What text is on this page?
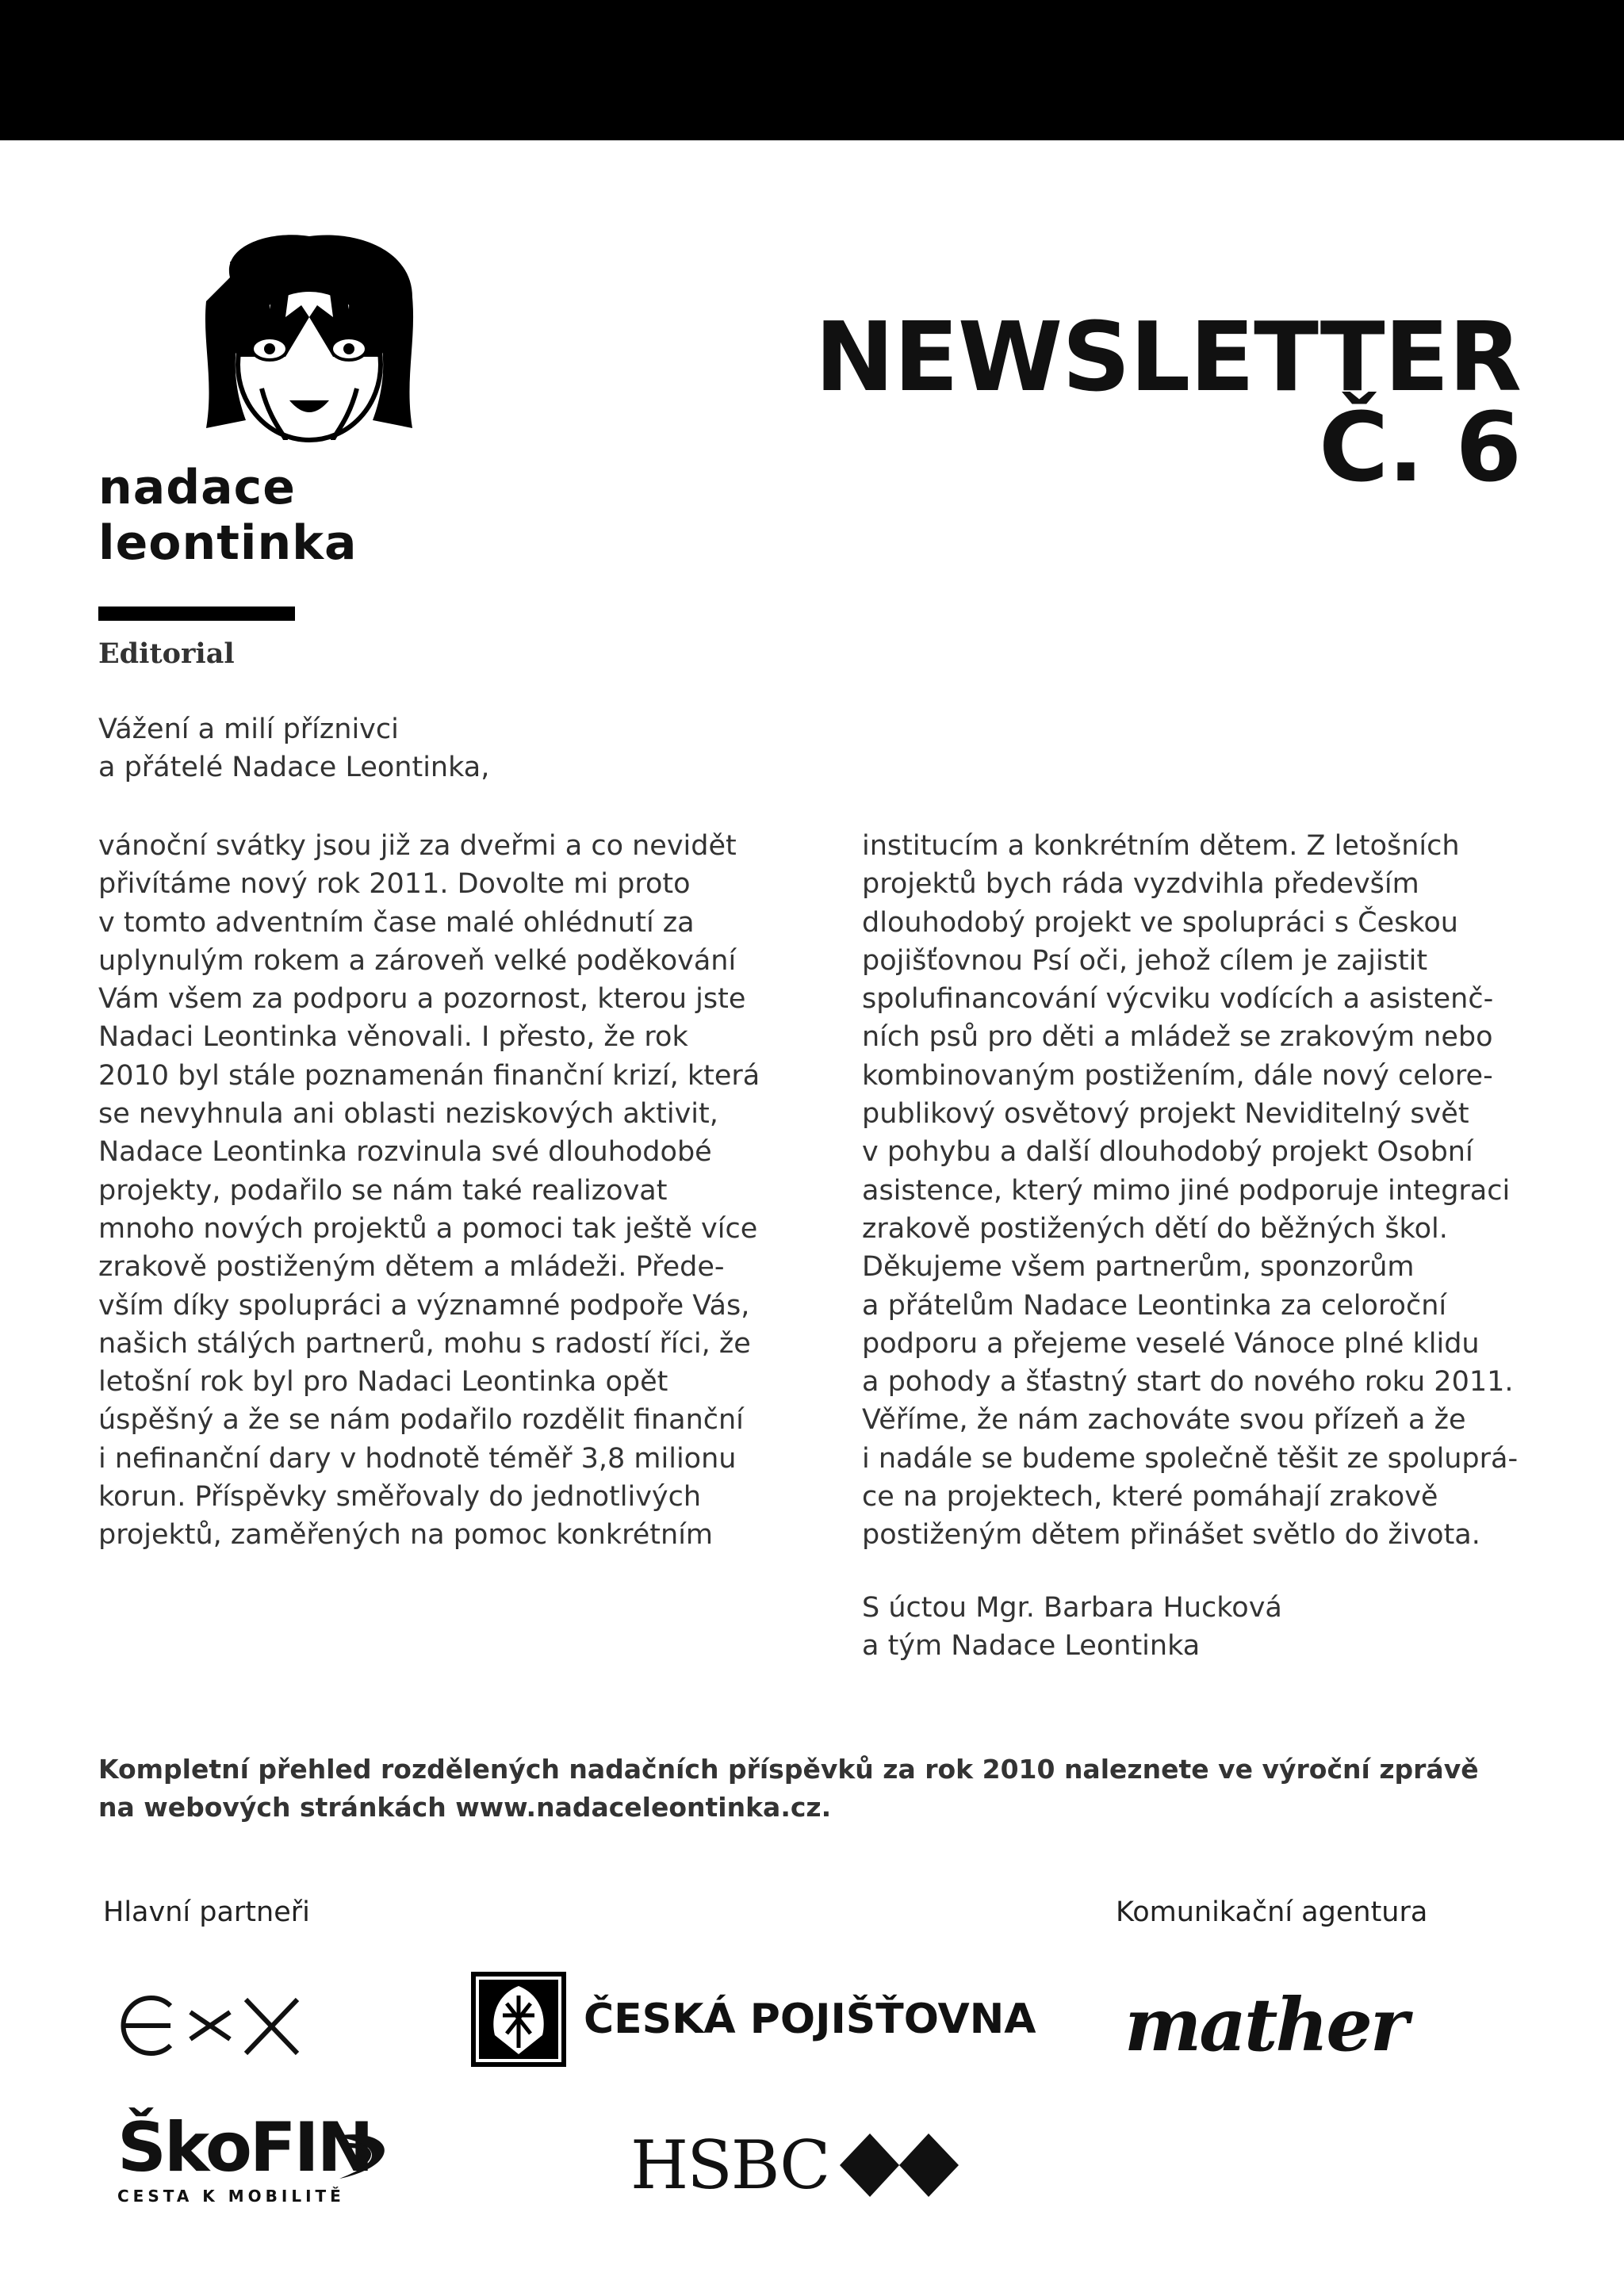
nadace leontinka
NEWSLETTER
Č. 6
Editorial
Vážení a milí příznivci
a přátelé Nadace Leontinka,
vánoční svátky jsou již za dveřmi a co nevidět
přivítáme nový rok 2011. Dovolte mi proto
v tomto adventním čase malé ohlédnutí za
uplynulým rokem a zároveň velké poděkování
Vám všem za podporu a pozornost, kterou jste
Nadaci Leontinka věnovali. I přesto, že rok
2010 byl stále poznamenán finanční krizí, která
se nevyhnula ani oblasti neziskových aktivit,
Nadace Leontinka rozvinula své dlouhodobé
projekty, podařilo se nám také realizovat
mnoho nových projektů a pomoci tak ještě více
zrakově postiženým dětem a mládeži. Přede-
vším díky spolupráci a významné podpoře Vás,
našich stálých partnerů, mohu s radostí říci, že
letošní rok byl pro Nadaci Leontinka opět
úspěšný a že se nám podařilo rozdělit finanční
i nefinanční dary v hodnotě téměř 3,8 milionu
korun. Příspěvky směřovaly do jednotlivých
projektů, zaměřených na pomoc konkrétním
institucím a konkrétním dětem. Z letošních
projektů bych ráda vyzdvihla především
dlouhodobý projekt ve spolupráci s Českou
pojišťovnou Psí oči, jehož cílem je zajistit
spolufinancování výcviku vodících a asistenč-
ních psů pro děti a mládež se zrakovým nebo
kombinovaným postižením, dále nový celore-
publikový osvětový projekt Neviditelný svět
v pohybu a další dlouhodobý projekt Osobní
asistence, který mimo jiné podporuje integraci
zrakově postižených dětí do běžných škol.
Děkujeme všem partnerům, sponzorům
a přátelům Nadace Leontinka za celoroční
podporu a přejeme veselé Vánoce plné klidu
a pohody a šťastný start do nového roku 2011.
Věříme, že nám zachováte svou přízeň a že
i nadále se budeme společně těšit ze spoluprá-
ce na projektech, které pomáhají zrakově
postiženým dětem přinášet světlo do života.
S úctou Mgr. Barbara Hucková
a tým Nadace Leontinka
Kompletní přehled rozdělených nadačních příspěvků za rok 2010 naleznete ve výroční zprávě
na webových stránkách www.nadaceleontinka.cz.
Hlavní partneři	Komunikační agentura
ČESKÁ POJIŠŤOVNA mather
ŠkoFIN
CESTA K MOBILITĚ	HSBC
